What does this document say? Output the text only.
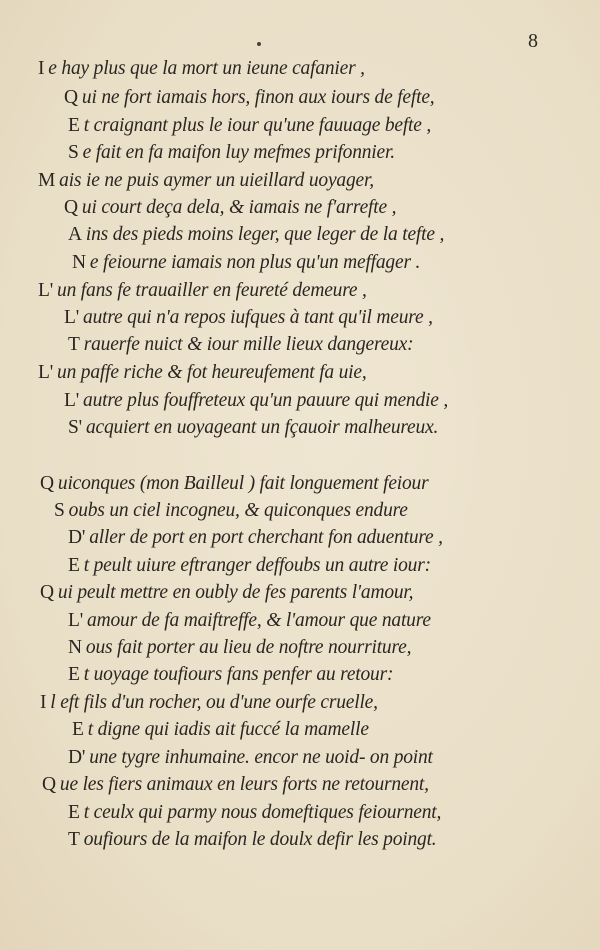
8
I e hay plus que la mort un ieune cafanier ,
Q ui ne fort iamais hors, finon aux iours de fefte,
E t craignant plus le iour qu'une fauuage befte ,
S e fait en fa maifon luy mefmes prifonnier.
M ais ie ne puis aymer un uieillard uoyager,
Q ui court deça dela, & iamais ne f'arrefte ,
A ins des pieds moins leger, que leger de la tefte ,
N e feiourne iamais non plus qu'un meffager .
L' un fans fe trauailler en feureté demeure ,
L' autre qui n'a repos iufques à tant qu'il meure ,
T rauerfe nuict & iour mille lieux dangereux:
L' un paffe riche & fot heureufement fa uie,
L' autre plus fouffreteux qu'un pauure qui mendie ,
S' acquiert en uoyageant un fçauoir malheureux.
Q uiconques (mon Bailleul ) fait longuement feiour
S oubs un ciel incogneu, & quiconques endure
D' aller de port en port cherchant fon aduenture ,
E t peult uiure eftranger deffoubs un autre iour:
Q ui peult mettre en oubly de fes parents l'amour,
L' amour de fa maiftreffe, & l'amour que nature
N ous fait porter au lieu de noftre nourriture,
E t uoyage toufiours fans penfer au retour:
I l eft fils d'un rocher, ou d'une ourfe cruelle,
E t digne qui iadis ait fuccé la mamelle
D' une tygre inhumaine. encor ne uoid- on point
Q ue les fiers animaux en leurs forts ne retournent,
E t ceulx qui parmy nous domeftiques feiournent,
T oufiours de la maifon le doulx defir les poingt.
